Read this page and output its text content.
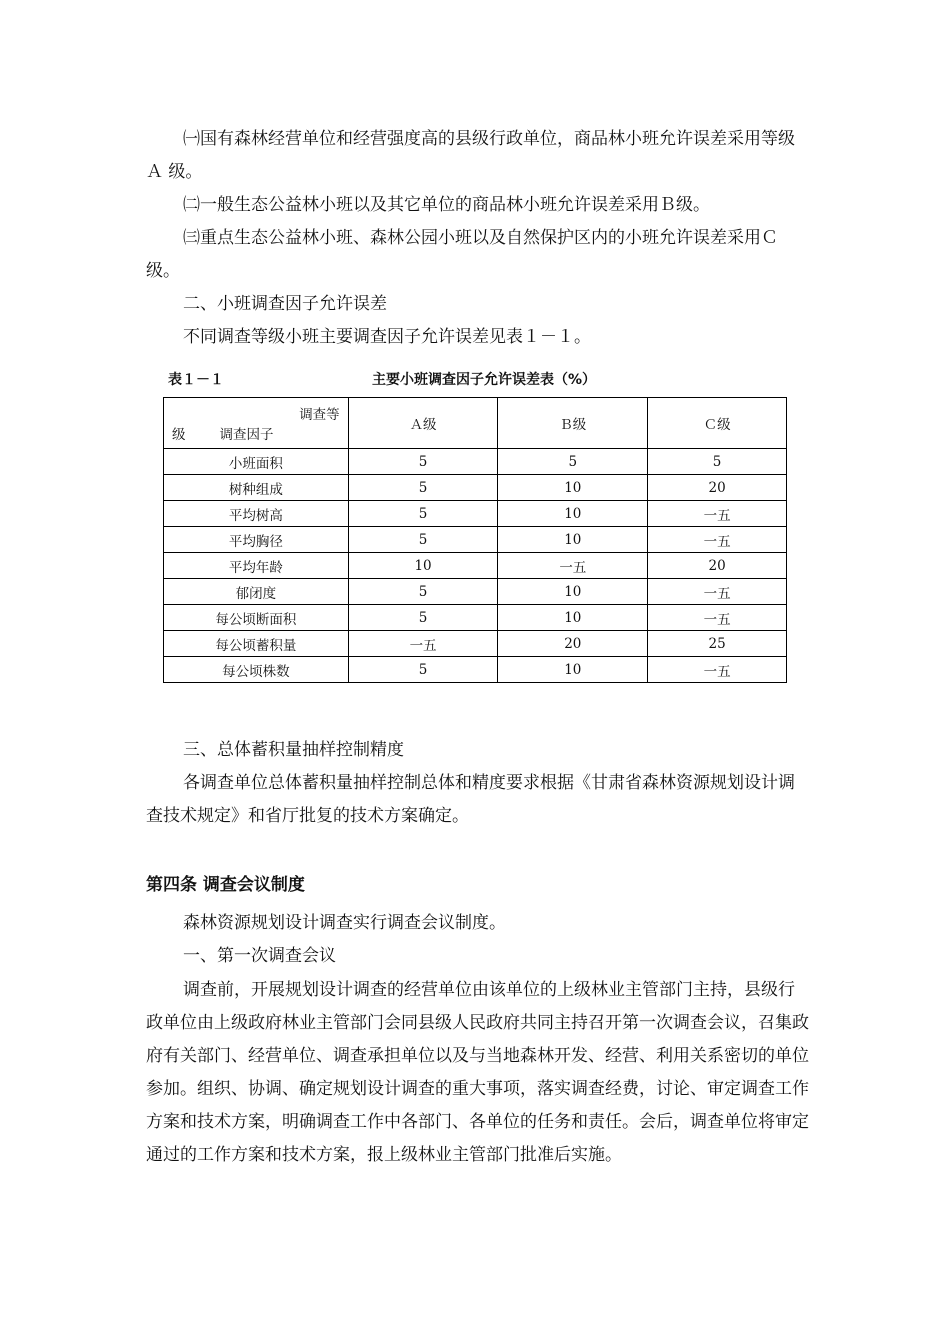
㈠国有森林经营单位和经营强度高的县级行政单位，商品林小班允许误差采用等级Ａ 级。

㈡一般生态公益林小班以及其它单位的商品林小班允许误差采用Ｂ级。

㈢重点生态公益林小班、森林公园小班以及自然保护区内的小班允许误差采用Ｃ级。

二、小班调查因子允许误差

不同调查等级小班主要调查因子允许误差见表１－１。

表１－１	主要小班调查因子允许误差表（%）
调查等
级 调查因子	Ａ级	Ｂ级	Ｃ级
小班面积	5	5	5
树种组成	5	10	20
平均树高	5	10	一五
平均胸径	5	10	一五
平均年龄	10	一五	20
郁闭度	5	10	一五
每公顷断面积	5	10	一五
每公顷蓄积量	一五	20	25
每公顷株数	5	10	一五

三、总体蓄积量抽样控制精度

各调查单位总体蓄积量抽样控制总体和精度要求根据《甘肃省森林资源规划设计调查技术规定》和省厅批复的技术方案确定。

第四条 调查会议制度

森林资源规划设计调查实行调查会议制度。

一、第一次调查会议

调查前，开展规划设计调查的经营单位由该单位的上级林业主管部门主持，县级行政单位由上级政府林业主管部门会同县级人民政府共同主持召开第一次调查会议，召集政府有关部门、经营单位、调查承担单位以及与当地森林开发、经营、利用关系密切的单位参加。组织、协调、确定规划设计调查的重大事项，落实调查经费，讨论、审定调查工作方案和技术方案，明确调查工作中各部门、各单位的任务和责任。会后，调查单位将审定通过的工作方案和技术方案，报上级林业主管部门批准后实施。
